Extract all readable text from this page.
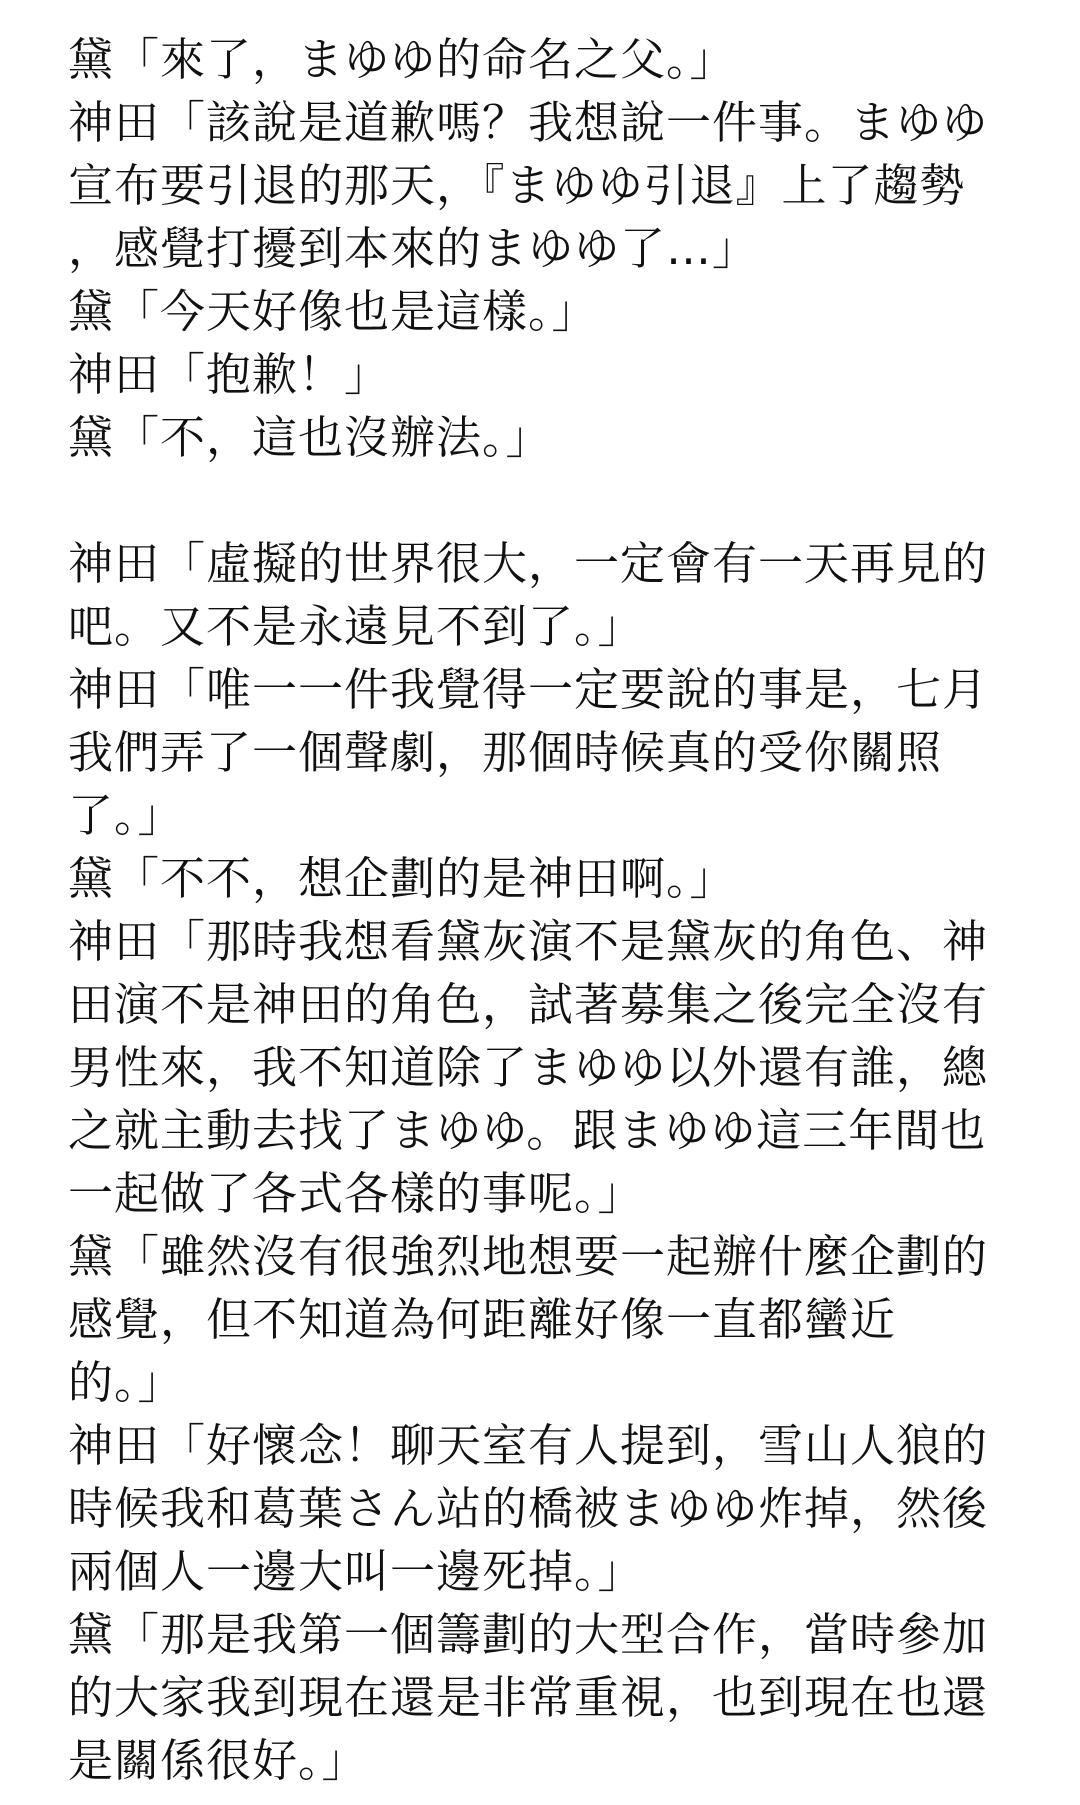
黛「來了，まゆゆ的命名之父。」
神田「該說是道歉嗎？我想說一件事。まゆゆ
宣布要引退的那天，『まゆゆ引退』上了趨勢
，感覺打擾到本來的まゆゆ了…」
黛「今天好像也是這樣。」
神田「抱歉！」
黛「不，這也沒辦法。」
神田「虛擬的世界很大，一定會有一天再見的
吧。又不是永遠見不到了。」
神田「唯一一件我覺得一定要說的事是，七月
我們弄了一個聲劇，那個時候真的受你關照
了。」
黛「不不，想企劃的是神田啊。」
神田「那時我想看黛灰演不是黛灰的角色、神
田演不是神田的角色，試著募集之後完全沒有
男性來，我不知道除了まゆゆ以外還有誰，總
之就主動去找了まゆゆ。跟まゆゆ這三年間也
一起做了各式各樣的事呢。」
黛「雖然沒有很強烈地想要一起辦什麼企劃的
感覺，但不知道為何距離好像一直都蠻近
的。」
神田「好懷念！聊天室有人提到，雪山人狼的
時候我和葛葉さん站的橋被まゆゆ炸掉，然後
兩個人一邊大叫一邊死掉。」
黛「那是我第一個籌劃的大型合作，當時參加
的大家我到現在還是非常重視，也到現在也還
是關係很好。」
